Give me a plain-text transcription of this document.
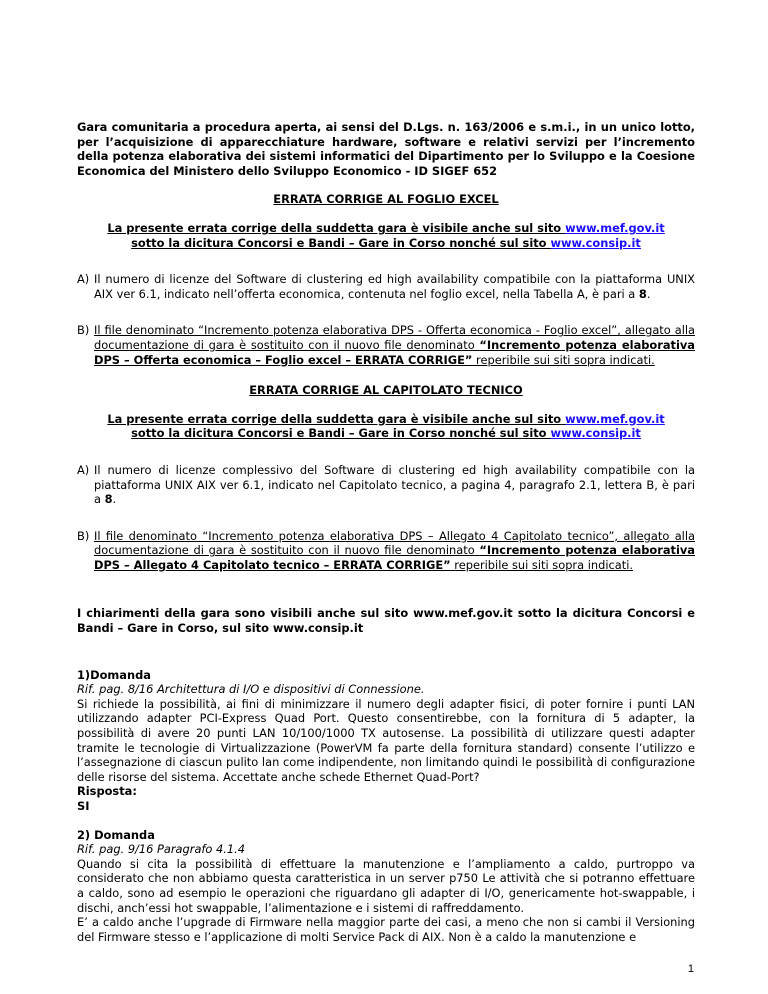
Gara comunitaria a procedura aperta, ai sensi del D.Lgs. n. 163/2006 e s.m.i., in un unico lotto, per l’acquisizione di apparecchiature hardware, software e relativi servizi per l’incremento della potenza elaborativa dei sistemi informatici del Dipartimento per lo Sviluppo e la Coesione Economica del Ministero dello Sviluppo Economico - ID SIGEF 652

ERRATA CORRIGE AL FOGLIO EXCEL

La presente errata corrige della suddetta gara è visibile anche sul sito www.mef.gov.it sotto la dicitura Concorsi e Bandi – Gare in Corso nonché sul sito www.consip.it

A) Il numero di licenze del Software di clustering ed high availability compatibile con la piattaforma UNIX AIX ver 6.1, indicato nell’offerta economica, contenuta nel foglio excel, nella Tabella A, è pari a 8.
B) Il file denominato “Incremento potenza elaborativa DPS - Offerta economica - Foglio excel”, allegato alla documentazione di gara è sostituito con il nuovo file denominato “Incremento potenza elaborativa DPS – Offerta economica – Foglio excel – ERRATA CORRIGE” reperibile sui siti sopra indicati.

ERRATA CORRIGE AL CAPITOLATO TECNICO

La presente errata corrige della suddetta gara è visibile anche sul sito www.mef.gov.it sotto la dicitura Concorsi e Bandi – Gare in Corso nonché sul sito www.consip.it

A) Il numero di licenze complessivo del Software di clustering ed high availability compatibile con la piattaforma UNIX AIX ver 6.1, indicato nel Capitolato tecnico, a pagina 4, paragrafo 2.1, lettera B, è pari a 8.
B) Il file denominato “Incremento potenza elaborativa DPS – Allegato 4 Capitolato tecnico”, allegato alla documentazione di gara è sostituito con il nuovo file denominato “Incremento potenza elaborativa DPS – Allegato 4 Capitolato tecnico – ERRATA CORRIGE” reperibile sui siti sopra indicati.

I chiarimenti della gara sono visibili anche sul sito www.mef.gov.it sotto la dicitura Concorsi e Bandi – Gare in Corso, sul sito www.consip.it

1)Domanda
Rif. pag. 8/16 Architettura di I/O e dispositivi di Connessione.
Si richiede la possibilità, ai fini di minimizzare il numero degli adapter fisici, di poter fornire i punti LAN utilizzando adapter PCI-Express Quad Port. Questo consentirebbe, con la fornitura di 5 adapter, la possibilità di avere 20 punti LAN 10/100/1000 TX autosense. La possibilità di utilizzare questi adapter tramite le tecnologie di Virtualizzazione (PowerVM fa parte della fornitura standard) consente l’utilizzo e l’assegnazione di ciascun pulito lan come indipendente, non limitando quindi le possibilità di configurazione delle risorse del sistema. Accettate anche schede Ethernet Quad-Port?
Risposta:
SI
2) Domanda
Rif. pag. 9/16 Paragrafo 4.1.4
Quando si cita la possibilità di effettuare la manutenzione e l’ampliamento a caldo, purtroppo va considerato che non abbiamo questa caratteristica in un server p750 Le attività che si potranno effettuare a caldo, sono ad esempio le operazioni che riguardano gli adapter di I/O, genericamente hot-swappable, i dischi, anch’essi hot swappable, l’alimentazione e i sistemi di raffreddamento.
E’ a caldo anche l’upgrade di Firmware nella maggior parte dei casi, a meno che non si cambi il Versioning del Firmware stesso e l’applicazione di molti Service Pack di AIX. Non è a caldo la manutenzione e
1
